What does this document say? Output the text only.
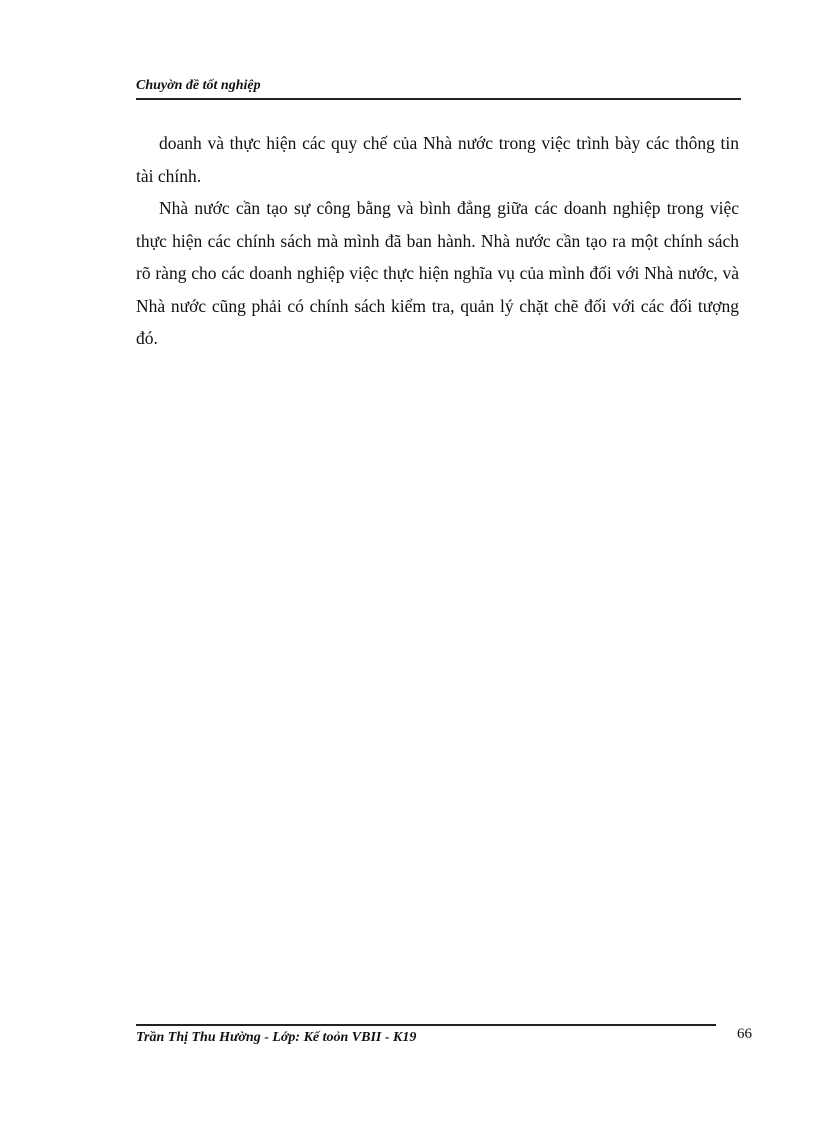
Chuyờn đề tốt nghiệp

doanh và thực hiện các quy chế của Nhà nước trong việc trình bày các thông tin tài chính.

Nhà nước cần tạo sự công bằng và bình đẳng giữa các doanh nghiệp trong việc thực hiện các chính sách mà mình đã ban hành. Nhà nước cần tạo ra một chính sách rõ ràng cho các doanh nghiệp việc thực hiện nghĩa vụ của mình đối với Nhà nước, và Nhà nước cũng phải có chính sách kiểm tra, quản lý chặt chẽ đối với các đối tượng đó.

Trần Thị Thu Hường - Lớp: Kế toỏn VBII - K19	66
